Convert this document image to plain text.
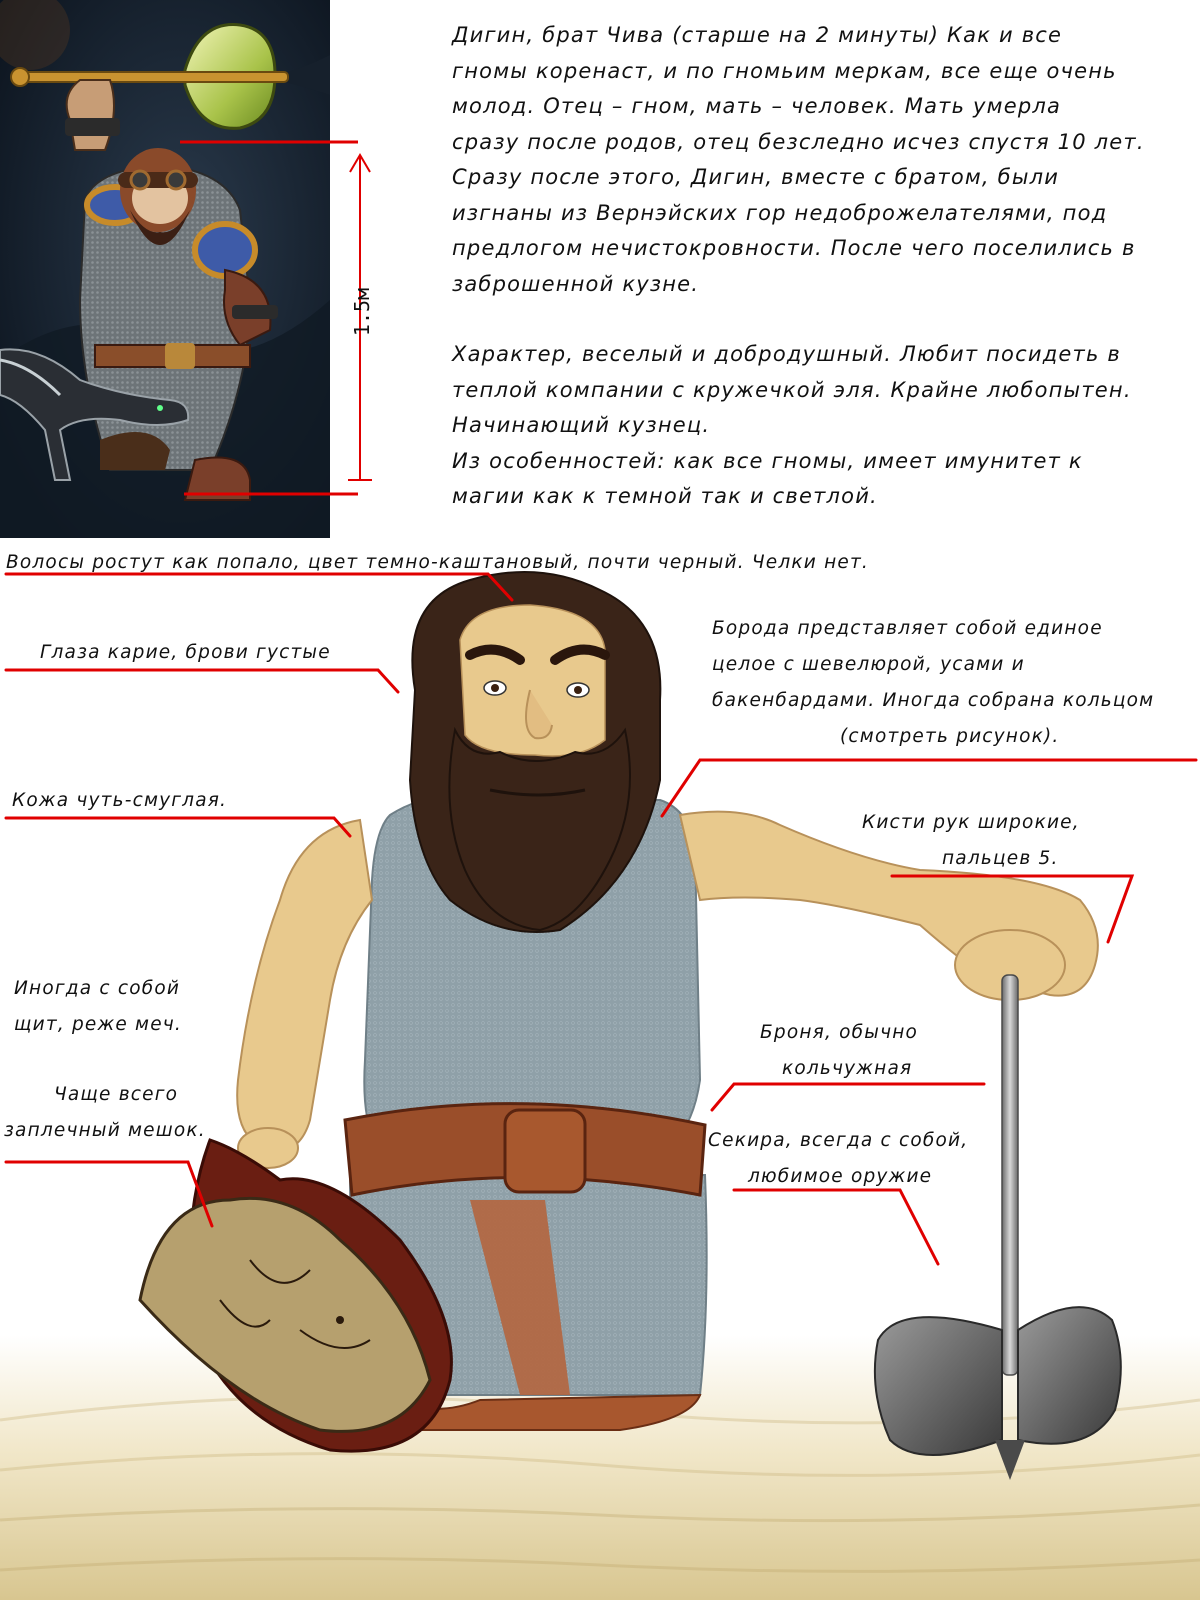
Дигин, брат Чива (старше на 2 минуты) Как и все
гномы коренаст, и по гномьим меркам, все еще очень
молод. Отец – гном, мать – человек. Мать умерла
сразу после родов, отец безследно исчез спустя 10 лет.
Сразу после этого, Дигин, вместе с братом, были
изгнаны из Вернэйских гор недоброжелателями, под
предлогом нечистокровности. После чего поселились в
заброшенной кузне.

Характер, веселый и добродушный. Любит посидеть в
теплой компании с кружечкой эля. Крайне любопытен.
Начинающий кузнец.
Из особенностей: как все гномы, имеет имунитет к
магии как к темной так и светлой.

1.5м
Волосы ростут как попало, цвет темно-каштановый, почти черный. Челки нет.
Глаза карие, брови густые
Борода представляет собой единое
целое с шевелюрой, усами и
бакенбардами. Иногда собрана кольцом
(смотреть рисунок).
Кожа чуть-смуглая.
Кисти рук широкие,
пальцев 5.
Иногда с собой
щит, реже меч.	Броня, обычно
кольчужная
Чаще всего
заплечный мешок.	Секира, всегда с собой,
любимое оружие
